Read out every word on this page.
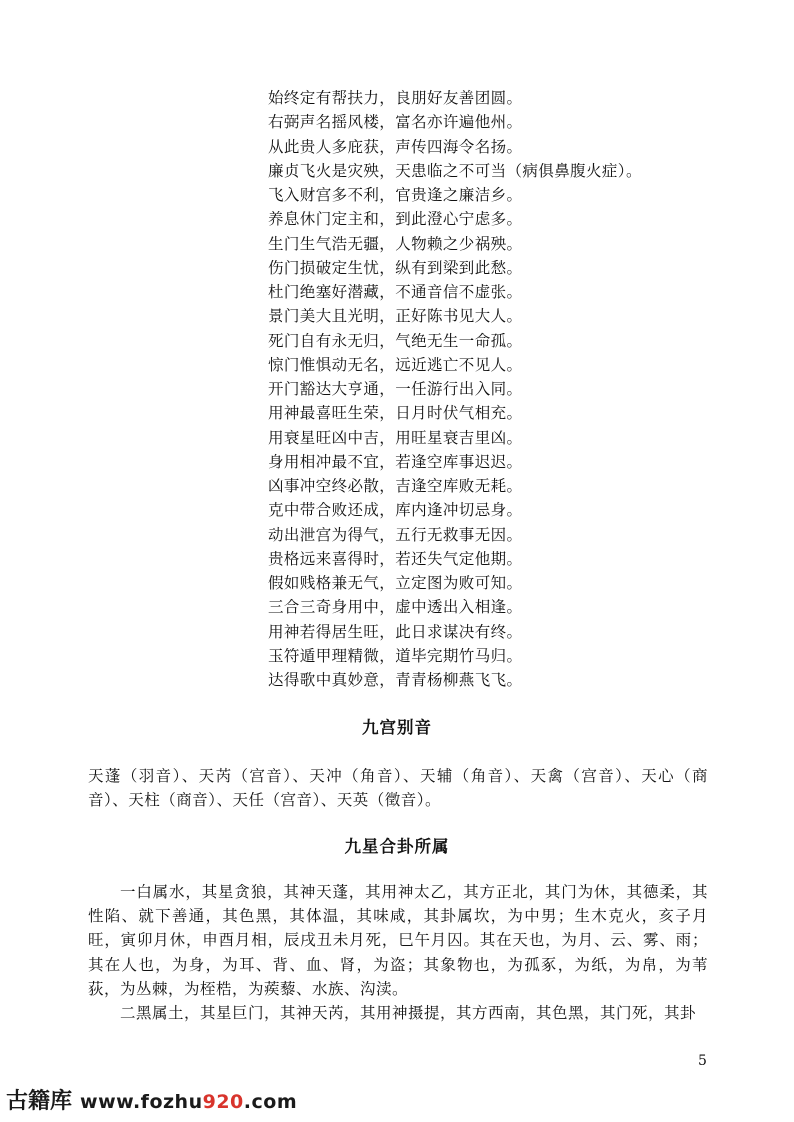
始终定有帮扶力，良朋好友善团圆。
右弼声名摇风楼，富名亦许遍他州。
从此贵人多庇获，声传四海令名扬。
廉贞飞火是灾殃，天患临之不可当（病俱鼻腹火症）。
飞入财宫多不利，官贵逢之廉洁乡。
养息休门定主和，到此澄心宁虑多。
生门生气浩无疆，人物赖之少祸殃。
伤门损破定生忧，纵有到梁到此愁。
杜门绝塞好潜藏，不通音信不虚张。
景门美大且光明，正好陈书见大人。
死门自有永无归，气绝无生一命孤。
惊门惟惧动无名，远近逃亡不见人。
开门豁达大亨通，一任游行出入同。
用神最喜旺生荣，日月时伏气相充。
用衰星旺凶中吉，用旺星衰吉里凶。
身用相冲最不宜，若逢空库事迟迟。
凶事冲空终必散，吉逢空库败无耗。
克中带合败还成，库内逢冲切忌身。
动出泄宫为得气，五行无救事无因。
贵格远来喜得时，若还失气定他期。
假如贱格兼无气，立定图为败可知。
三合三奇身用中，虚中透出入相逢。
用神若得居生旺，此日求谋决有终。
玉符遁甲理精微，道毕完期竹马归。
达得歌中真妙意，青青杨柳燕飞飞。
九宫别音

天蓬（羽音）、天芮（宫音）、天冲（角音）、天辅（角音）、天禽（宫音）、天心（商音）、天柱（商音）、天任（宫音）、天英（徵音）。

九星合卦所属

一白属水，其星贪狼，其神天蓬，其用神太乙，其方正北，其门为休，其德柔，其性陷、就下善通，其色黑，其体温，其味咸，其卦属坎，为中男；生木克火，亥子月旺，寅卯月休，申酉月相，辰戌丑未月死，巳午月囚。其在天也，为月、云、雾、雨；其在人也，为身，为耳、背、血、肾，为盗；其象物也，为孤豖，为纸，为帛，为苇荻，为丛棘，为桎梏，为蒺藜、水族、沟渎。

二黑属土，其星巨门，其神天芮，其用神摄提，其方西南，其色黑，其门死，其卦

5
古籍库 www.fozhu920.com
